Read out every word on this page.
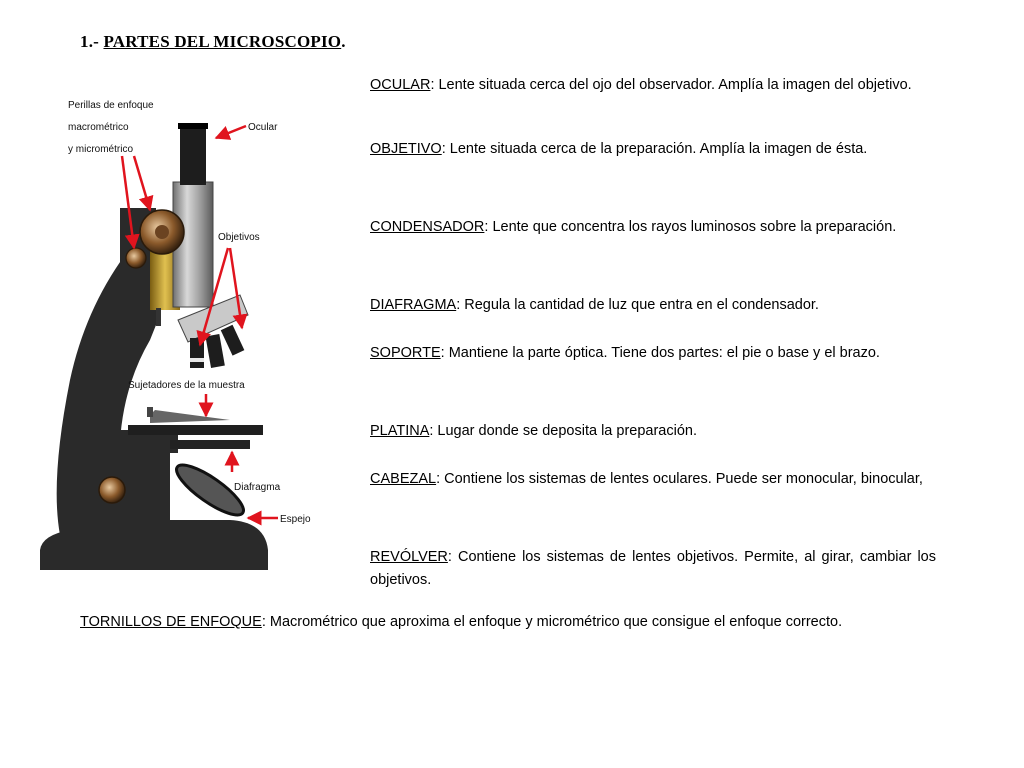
1.- PARTES DEL MICROSCOPIO.
Perillas de enfoque
macrométrico
y micrométrico
Ocular
Objetivos
Sujetadores de la muestra
Diafragma
Espejo
OCULAR: Lente situada cerca del ojo del observador. Amplía la imagen del objetivo.
OBJETIVO: Lente situada cerca de la preparación. Amplía la imagen de ésta.
CONDENSADOR: Lente que concentra los rayos luminosos sobre la preparación.
DIAFRAGMA: Regula la cantidad de luz que entra en el condensador.
SOPORTE: Mantiene la parte óptica. Tiene dos partes: el pie o base y el brazo.
PLATINA: Lugar donde se deposita la preparación.
CABEZAL: Contiene los sistemas de lentes oculares. Puede ser monocular, binocular,
REVÓLVER: Contiene los sistemas de lentes objetivos. Permite, al girar, cambiar los objetivos.
TORNILLOS DE ENFOQUE: Macrométrico que aproxima el enfoque y micrométrico que consigue el enfoque correcto.
